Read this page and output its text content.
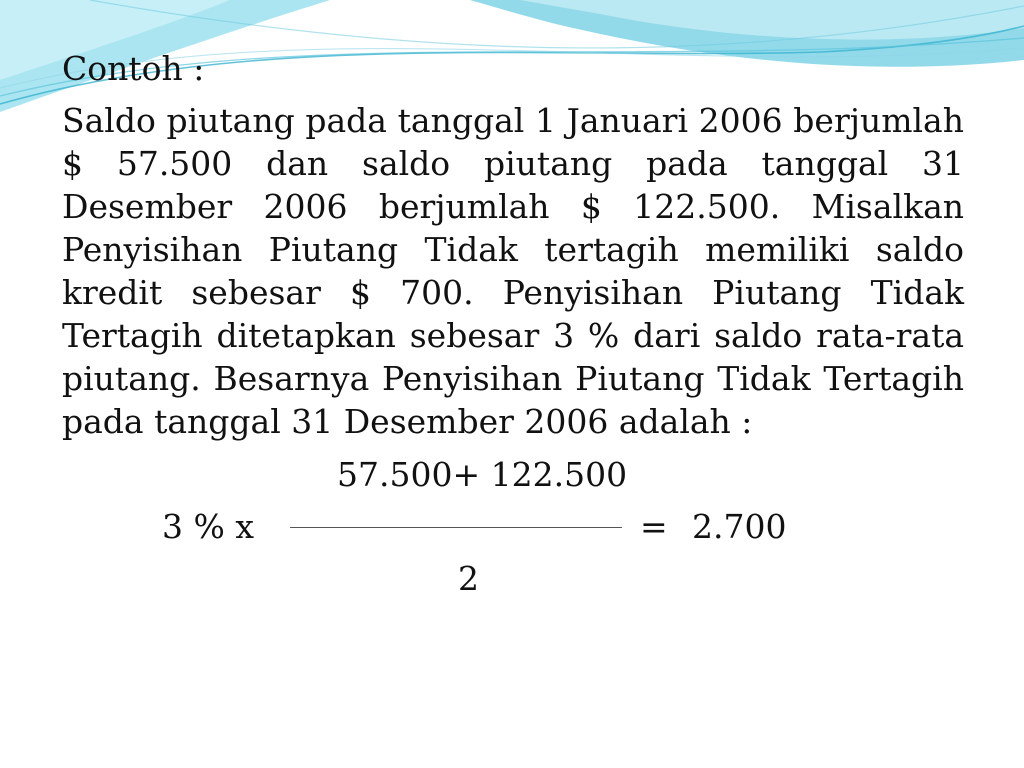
Contoh :
Saldo piutang pada tanggal 1 Januari 2006 berjumlah $ 57.500 dan saldo piutang pada tanggal 31 Desember 2006 berjumlah $ 122.500. Misalkan Penyisihan Piutang Tidak tertagih memiliki saldo kredit sebesar $ 700. Penyisihan Piutang Tidak Tertagih ditetapkan sebesar 3 % dari saldo rata-rata piutang. Besarnya Penyisihan Piutang Tidak Tertagih pada tanggal 31 Desember 2006 adalah :
57.500+ 122.500
3 % x	= 2.700
2
